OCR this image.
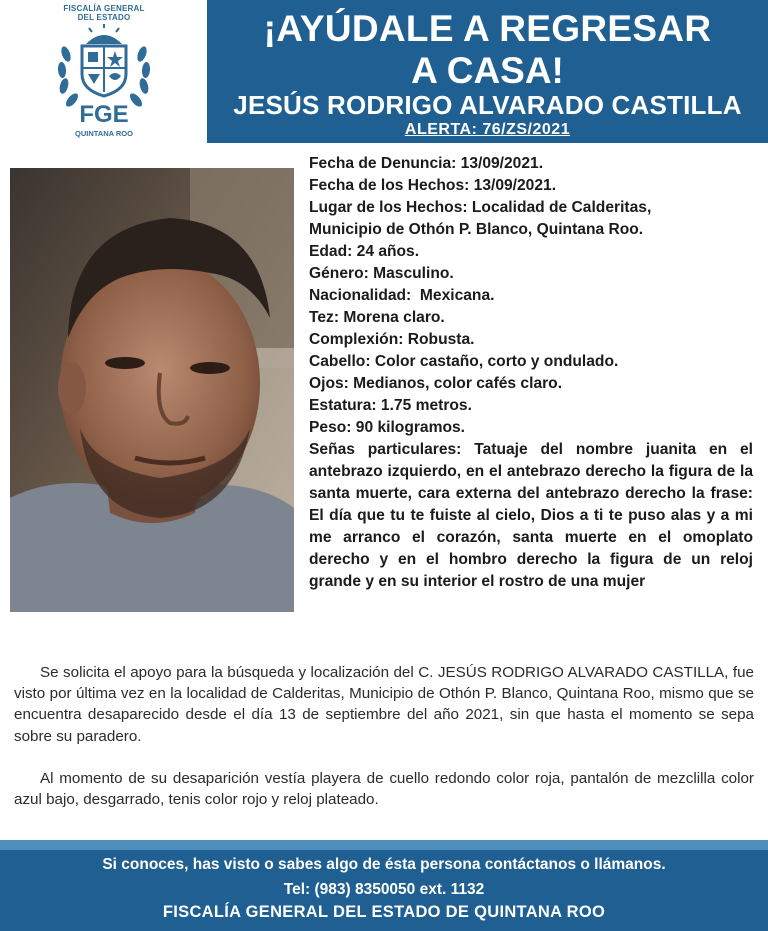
FISCALÍA GENERAL
DEL ESTADO
FGE
QUINTANA ROO
¡AYÚDALE A REGRESAR
A CASA!
JESÚS RODRIGO ALVARADO CASTILLA
ALERTA: 76/ZS/2021
Fecha de Denuncia: 13/09/2021.
Fecha de los Hechos: 13/09/2021.
Lugar de los Hechos: Localidad de Calderitas,
Municipio de Othón P. Blanco, Quintana Roo.
Edad: 24 años.
Género: Masculino.
Nacionalidad:  Mexicana.
Tez: Morena claro.
Complexión: Robusta.
Cabello: Color castaño, corto y ondulado.
Ojos: Medianos, color cafés claro.
Estatura: 1.75 metros.
Peso: 90 kilogramos.
Señas particulares: Tatuaje del nombre juanita en el antebrazo izquierdo, en el antebrazo derecho la figura de la santa muerte, cara externa del antebrazo derecho la frase: El día que tu te fuiste al cielo, Dios a ti te puso alas y a mi me arranco el corazón, santa muerte en el omoplato derecho y en el hombro derecho la figura de un reloj grande y en su interior el rostro de una mujer

Se solicita el apoyo para la búsqueda y localización del C. JESÚS RODRIGO ALVARADO CASTILLA, fue visto por última vez en la localidad de Calderitas, Municipio de Othón P. Blanco, Quintana Roo, mismo que se encuentra desaparecido desde el día 13 de septiembre del año 2021, sin que hasta el momento se sepa sobre su paradero.

Al momento de su desaparición vestía playera de cuello redondo color roja, pantalón de mezclilla color azul bajo, desgarrado, tenis color rojo y reloj plateado.

Si conoces, has visto o sabes algo de ésta persona contáctanos o llámanos.
Tel: (983) 8350050 ext. 1132
FISCALÍA GENERAL DEL ESTADO DE QUINTANA ROO
